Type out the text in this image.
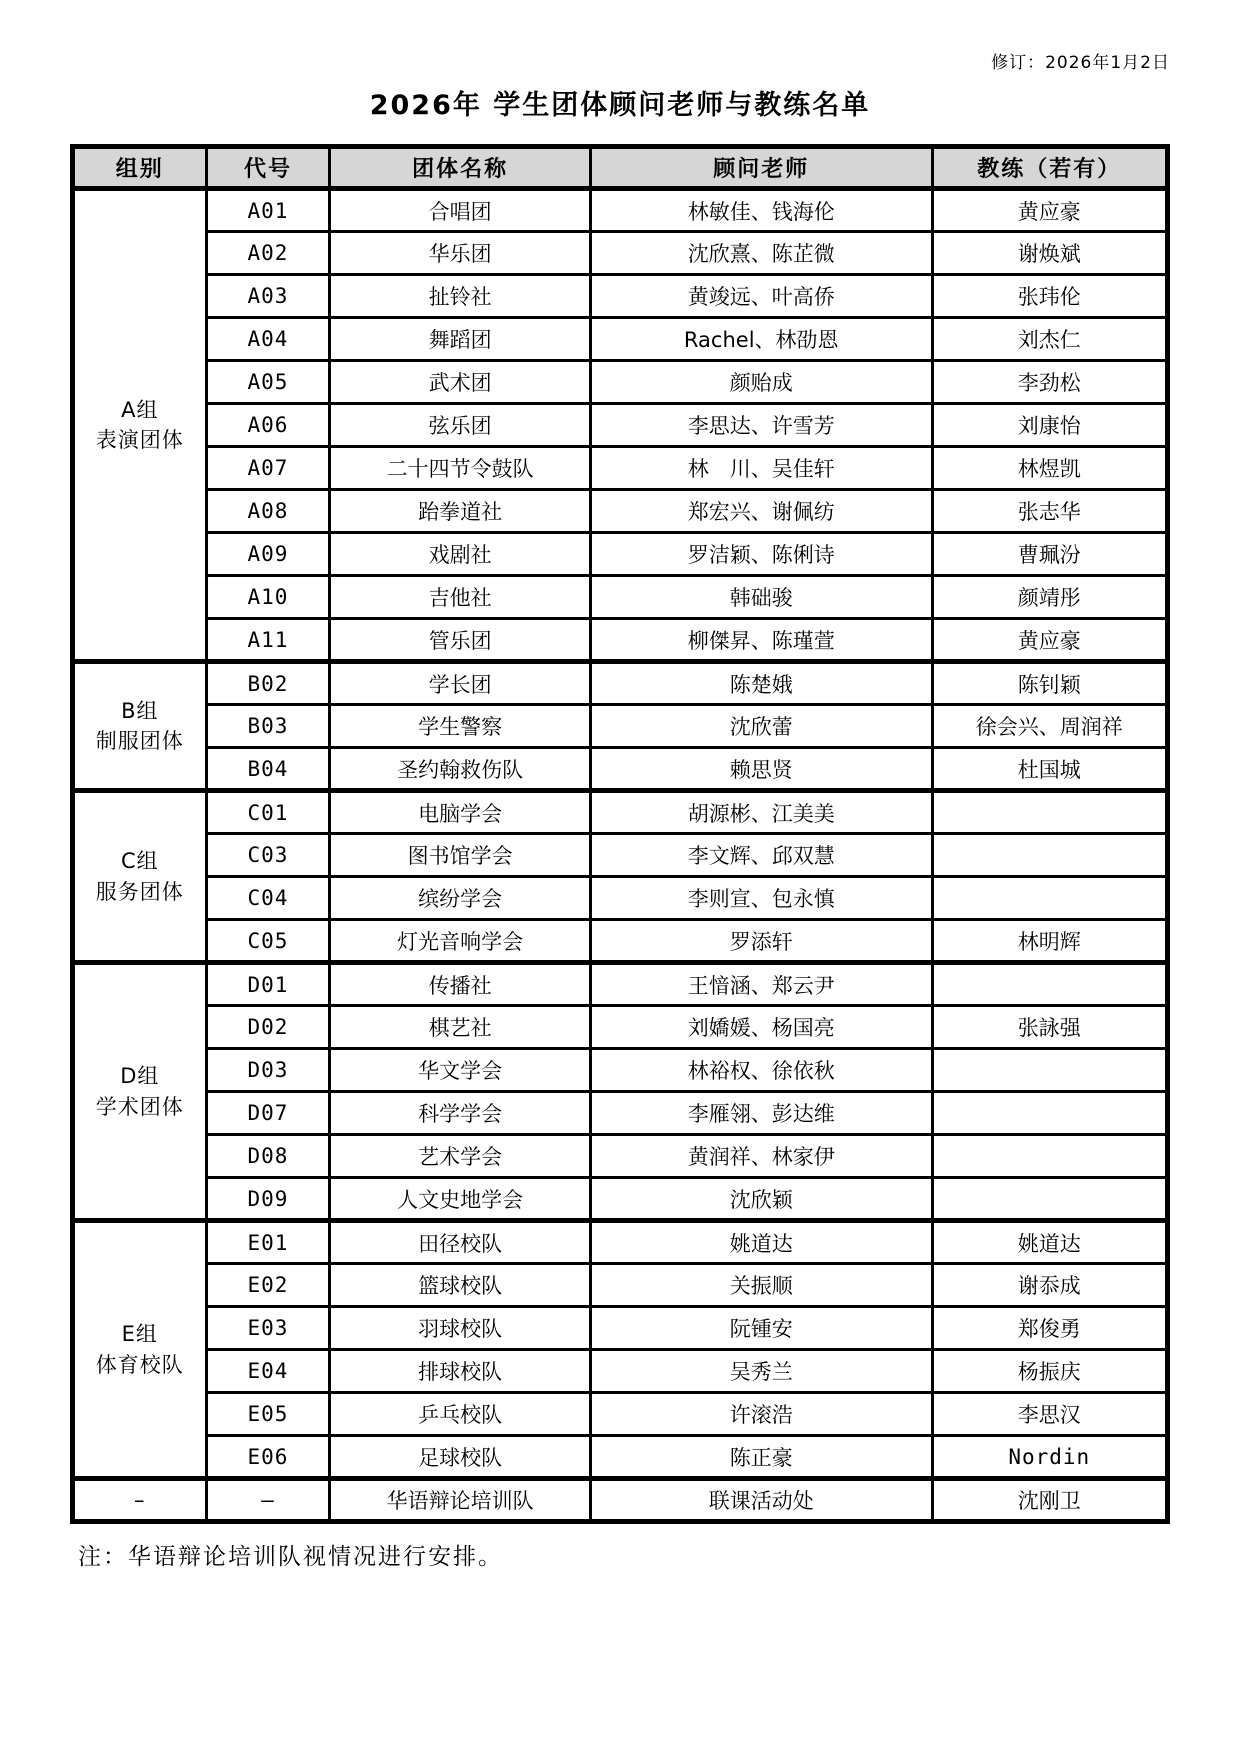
修订：2026年1月2日
2026年 学生团体顾问老师与教练名单
组别	代号	团体名称	顾问老师	教练（若有）
A组
表演团体	A01	合唱团	林敏佳、钱海伦	黄应豪
	A02	华乐团	沈欣熹、陈芷微	谢焕斌
	A03	扯铃社	黄竣远、叶高侨	张玮伦
	A04	舞蹈团	Rachel、林劭恩	刘杰仁
	A05	武术团	颜贻成	李劲松
	A06	弦乐团	李思达、许雪芳	刘康怡
	A07	二十四节令鼓队	林　川、吴佳轩	林煜凯
	A08	跆拳道社	郑宏兴、谢佩纺	张志华
	A09	戏剧社	罗洁颖、陈俐诗	曹珮汾
	A10	吉他社	韩础骏	颜靖彤
	A11	管乐团	柳傑昇、陈瑾萱	黄应豪
B组
制服团体	B02	学长团	陈楚娥	陈钊颖
	B03	学生警察	沈欣蕾	徐会兴、周润祥
	B04	圣约翰救伤队	赖思贤	杜国城
C组
服务团体	C01	电脑学会	胡源彬、江美美	
	C03	图书馆学会	李文辉、邱双慧	
	C04	缤纷学会	李则宣、包永慎	
	C05	灯光音响学会	罗添轩	林明辉
D组
学术团体	D01	传播社	王愔涵、郑云尹	
	D02	棋艺社	刘嬌媛、杨国亮	张詠强
	D03	华文学会	林裕权、徐依秋	
	D07	科学学会	李雁翎、彭达维	
	D08	艺术学会	黄润祥、林家伊	
	D09	人文史地学会	沈欣颖	
E组
体育校队	E01	田径校队	姚道达	姚道达
	E02	篮球校队	关振顺	谢忝成
	E03	羽球校队	阮锺安	郑俊勇
	E04	排球校队	吴秀兰	杨振庆
	E05	乒乓校队	许滚浩	李思汉
	E06	足球校队	陈正豪	Nordin
–	–	华语辩论培训队	联课活动处	沈刚卫
注：华语辩论培训队视情况进行安排。
